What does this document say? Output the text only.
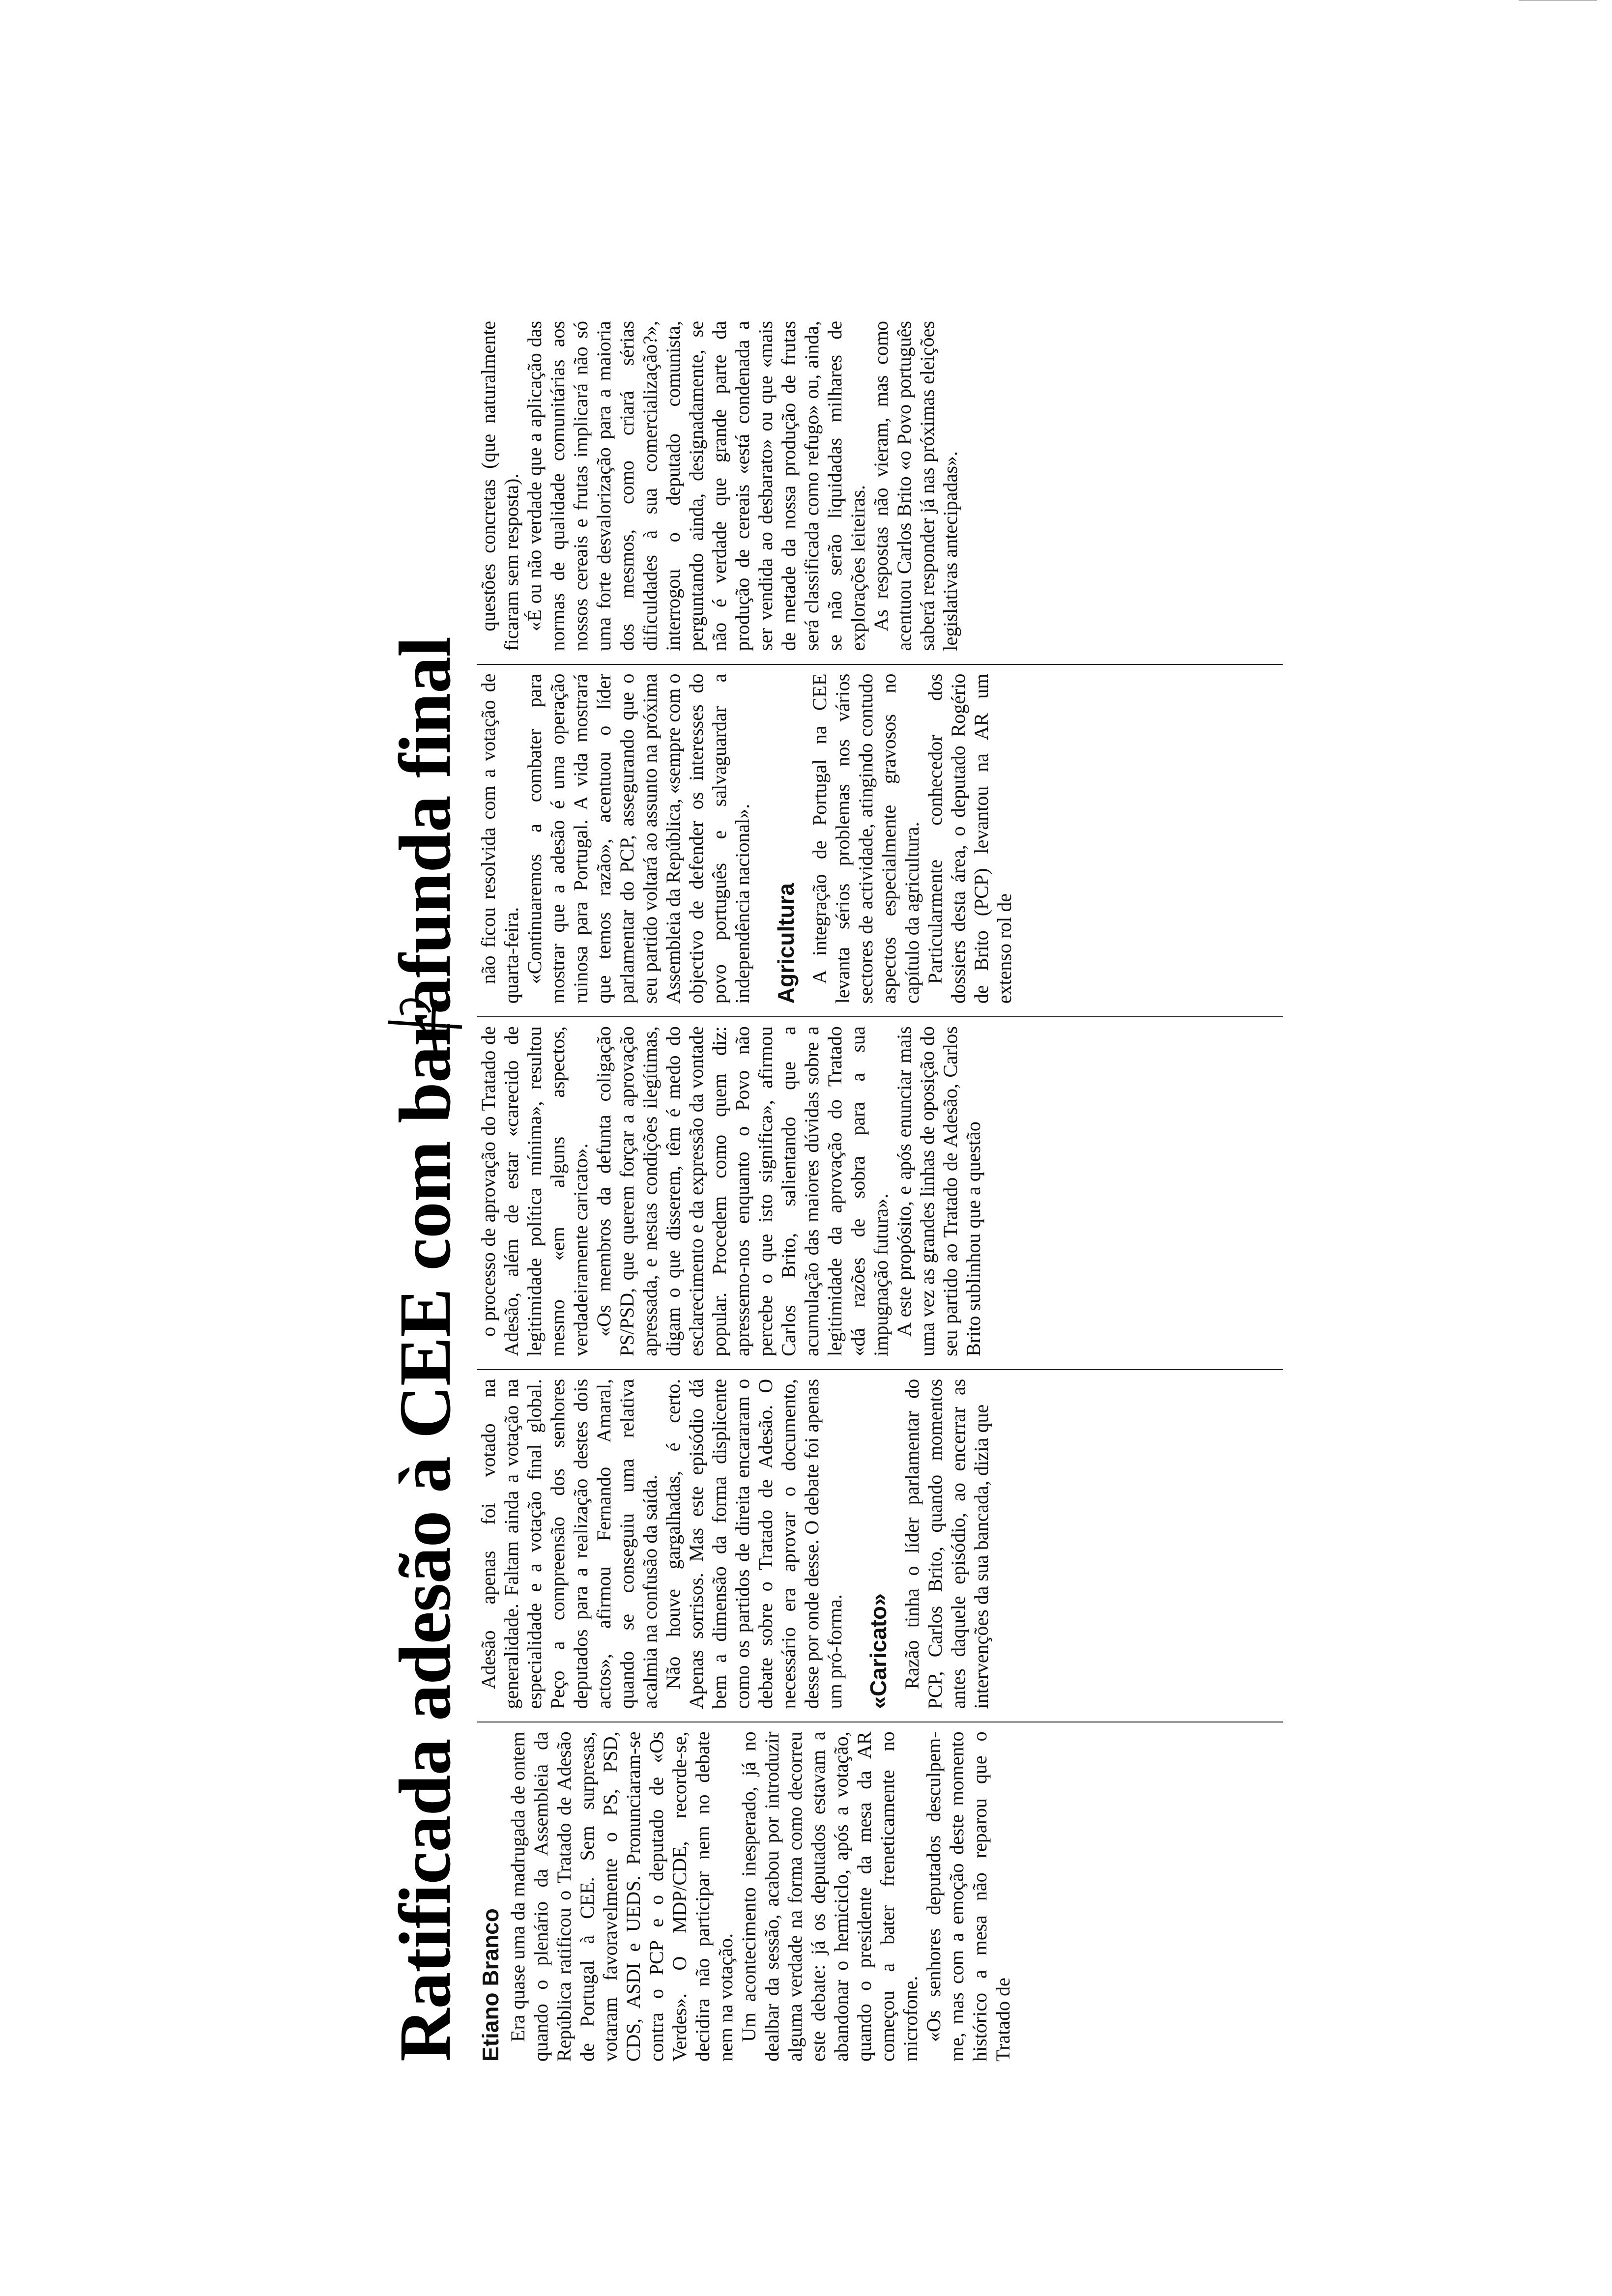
Ratificada adesão à CEE com barafunda final Etiano Branco Era quase uma da madrugada de ontem quando o plenário da Assembleia da República ratificou o Tratado de Adesão de Portugal à CEE. Sem surpresas, votaram favoravelmente o PS, PSD, CDS, ASDI e UEDS. Pronunciaram-se contra o PCP e o deputado de «Os Verdes». O MDP/CDE, recorde-se, decidira não participar nem no debate nem na votação. Um acontecimento inesperado, já no dealbar da sessão, acabou por introduzir alguma verdade na forma como decorreu este debate: já os deputados estavam a abandonar o hemiciclo, após a votação, quando o presidente da mesa da AR começou a bater freneticamente no microfone. «Os senhores deputados desculpem-me, mas com a emoção deste momento histórico a mesa não reparou que o Tratado de

Adesão apenas foi votado na generalidade. Faltam ainda a votação na especialidade e a votação final global. Peço a compreensão dos senhores deputados para a realização destes dois actos», afirmou Fernando Amaral, quando se conseguiu uma relativa acalmia na confusão da saída. Não houve gargalhadas, é certo. Apenas sorrisos. Mas este episódio dá bem a dimensão da forma displicente como os partidos de direita encararam o debate sobre o Tratado de Adesão. O necessário era aprovar o documento, desse por onde desse. O debate foi apenas um pró-forma. «Caricato» Razão tinha o líder parlamentar do PCP, Carlos Brito, quando momentos antes daquele episódio, ao encerrar as intervenções da sua bancada, dizia que

o processo de aprovação do Tratado de Adesão, além de estar «carecido de legitimidade política mínima», resultou mesmo «em alguns aspectos, verdadeiramente caricato». «Os membros da defunta coligação PS/PSD, que querem forçar a aprovação apressada, e nestas condições ilegítimas, digam o que disserem, têm é medo do esclarecimento e da expressão da vontade popular. Procedem como quem diz: apressemo-nos enquanto o Povo não percebe o que isto significa», afirmou Carlos Brito, salientando que a acumulação das maiores dúvidas sobre a legitimidade da aprovação do Tratado «dá razões de sobra para a sua impugnação futura». A este propósito, e após enunciar mais uma vez as grandes linhas de oposição do seu partido ao Tratado de Adesão, Carlos Brito sublinhou que a questão

não ficou resolvida com a votação de quarta-feira. «Continuaremos a combater para mostrar que a adesão é uma operação ruinosa para Portugal. A vida mostrará que temos razão», acentuou o líder parlamentar do PCP, assegurando que o seu partido voltará ao assunto na próxima Assembleia da República, «sempre com o objectivo de defender os interesses do povo português e salvaguardar a independência nacional». Agricultura A integração de Portugal na CEE levanta sérios problemas nos vários sectores de actividade, atingindo contudo aspectos especialmente gravosos no capítulo da agricultura. Particularmente conhecedor dos dossiers desta área, o deputado Rogério de Brito (PCP) levantou na AR um extenso rol de

questões concretas (que naturalmente ficaram sem resposta). «É ou não verdade que a aplicação das normas de qualidade comunitárias aos nossos cereais e frutas implicará não só uma forte desvalorização para a maioria dos mesmos, como criará sérias dificuldades à sua comercialização?», interrogou o deputado comunista, perguntando ainda, designadamente, se não é verdade que grande parte da produção de cereais «está condenada a ser vendida ao desbarato» ou que «mais de metade da nossa produção de frutas será classificada como refugo» ou, ainda, se não serão liquidadas milhares de explorações leiteiras. As respostas não vieram, mas como acentuou Carlos Brito «o Povo português saberá responder já nas próximas eleições legislativas antecipadas».
